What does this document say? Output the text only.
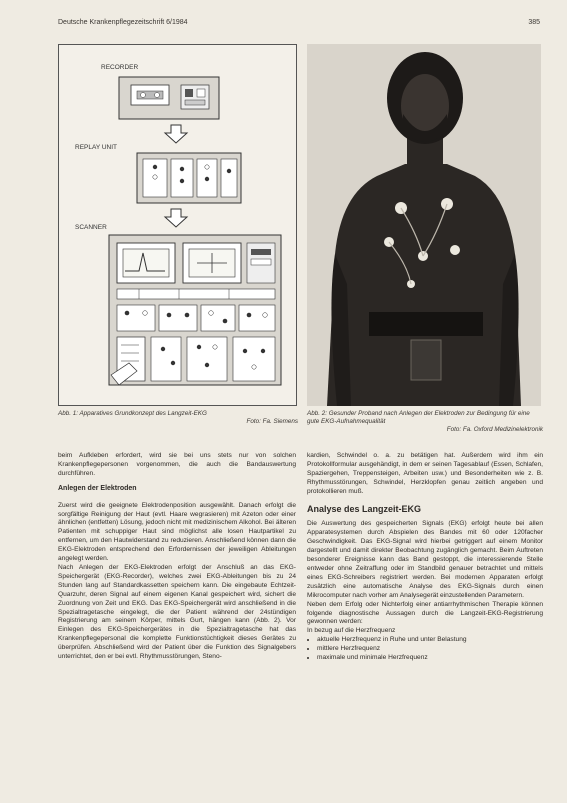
Deutsche Krankenpflegezeitschrift 6/1984	385
RECORDER
REPLAY UNIT
SCANNER
Abb. 1: Apparatives Grundkonzept des Langzeit-EKG
Foto: Fa. Siemens
Abb. 2: Gesunder Proband nach Anlegen der Elektroden zur Bedingung für eine gute EKG-Aufnahmequalität
Foto: Fa. Oxford Medizinelektronik

beim Aufkleben erfordert, wird sie bei uns stets nur von solchen Krankenpflegepersonen vorgenommen, die auch die Bandauswertung durchführen.

Anlegen der Elektroden

Zuerst wird die geeignete Elektrodenposition ausgewählt. Danach erfolgt die sorgfältige Reinigung der Haut (evtl. Haare wegrasieren) mit Azeton oder einer ähnlichen (entfetten) Lösung, jedoch nicht mit medizinischem Alkohol. Bei älteren Patienten mit schuppiger Haut sind möglichst alle losen Hautpartikel zu entfernen, um den Hautwiderstand zu reduzieren. Anschließend können dann die EKG-Elektroden entsprechend den Erfordernissen der jeweiligen Ableitungen angelegt werden.

Nach Anlegen der EKG-Elektroden erfolgt der Anschluß an das EKG-Speichergerät (EKG-Recorder), welches zwei EKG-Ableitungen bis zu 24 Stunden lang auf Standardkassetten speichern kann. Die eingebaute Echtzeit-Quarzuhr, deren Signal auf einem eigenen Kanal gespeichert wird, sichert die Zuordnung von Zeit und EKG. Das EKG-Speichergerät wird anschließend in die Spezialtragetasche eingelegt, die der Patient während der 24stündigen Registrierung am seinem Körper, mittels Gurt, hängen kann (Abb. 2). Vor Einlegen des EKG-Speichergerätes in die Spezialtragetasche hat das Krankenpflegepersonal die komplette Funktionstüchtigkeit dieses Gerätes zu überprüfen. Abschließend wird der Patient über die Funktion des Signalgebers unterrichtet, den er bei evtl. Rhythmusstörungen, Steno-

kardien, Schwindel o. a. zu betätigen hat. Außerdem wird ihm ein Protokollformular ausgehändigt, in dem er seinen Tagesablauf (Essen, Schlafen, Spaziergehen, Treppensteigen, Arbeiten usw.) und Besonderheiten wie z. B. Rhythmusstörungen, Schwindel, Herzklopfen genau zeitlich angeben und protokollieren muß.

Analyse des Langzeit-EKG

Die Auswertung des gespeicherten Signals (EKG) erfolgt heute bei allen Apparatesystemen durch Abspielen des Bandes mit 60 oder 120facher Geschwindigkeit. Das EKG-Signal wird hierbei getriggert auf einem Monitor dargestellt und damit direkter Beobachtung zugänglich gemacht. Beim Auftreten besonderer Ereignisse kann das Band gestoppt, die interessierende Stelle entweder ohne Zeitraffung oder im Standbild genauer betrachtet und mittels eines EKG-Schreibers registriert werden. Bei modernen Apparaten erfolgt zusätzlich eine automatische Analyse des EKG-Signals durch einen Mikrocomputer nach vorher am Analysegerät einzustellenden Parametern.

Neben dem Erfolg oder Nichterfolg einer antiarrhythmischen Therapie können folgende diagnostische Aussagen durch die Langzeit-EKG-Registrierung gewonnen werden:

In bezug auf die Herzfrequenz

• aktuelle Herzfrequenz in Ruhe und unter Belastung
• mittlere Herzfrequenz
• maximale und minimale Herzfrequenz
